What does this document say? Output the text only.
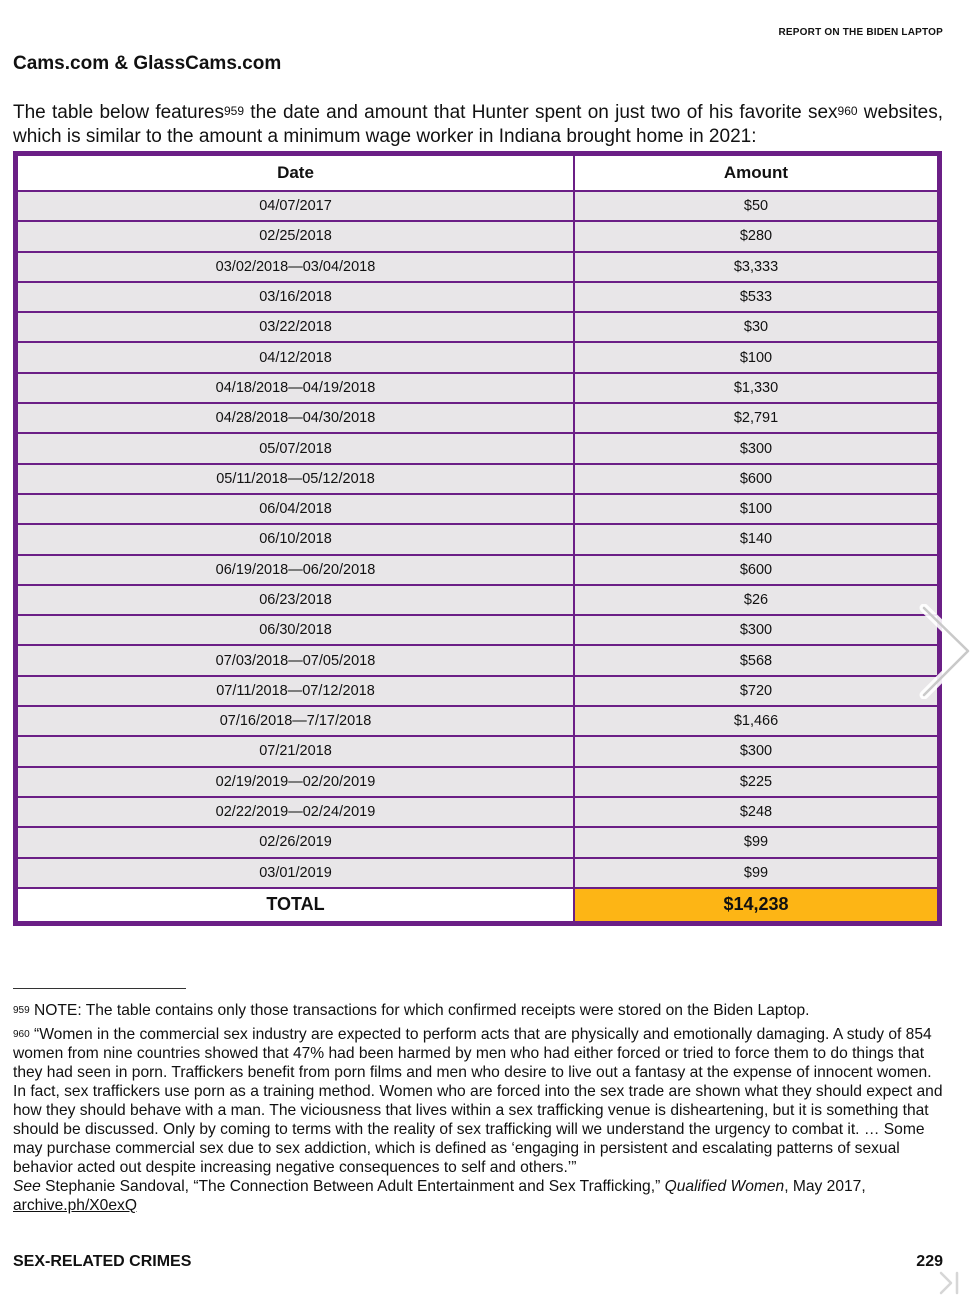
REPORT ON THE BIDEN LAPTOP
Cams.com & GlassCams.com
The table below features$^{959}$ the date and amount that Hunter spent on just two of his favorite sex$^{960}$ websites, which is similar to the amount a minimum wage worker in Indiana brought home in 2021:
Date	Amount
04/07/2017	$50
02/25/2018	$280
03/02/2018—03/04/2018	$3,333
03/16/2018	$533
03/22/2018	$30
04/12/2018	$100
04/18/2018—04/19/2018	$1,330
04/28/2018—04/30/2018	$2,791
05/07/2018	$300
05/11/2018—05/12/2018	$600
06/04/2018	$100
06/10/2018	$140
06/19/2018—06/20/2018	$600
06/23/2018	$26
06/30/2018	$300
07/03/2018—07/05/2018	$568
07/11/2018—07/12/2018	$720
07/16/2018—7/17/2018	$1,466
07/21/2018	$300
02/19/2019—02/20/2019	$225
02/22/2019—02/24/2019	$248
02/26/2019	$99
03/01/2019	$99
TOTAL	$14,238

$^{959}$ NOTE: The table contains only those transactions for which confirmed receipts were stored on the Biden Laptop.

$^{960}$ “Women in the commercial sex industry are expected to perform acts that are physically and emotionally damaging. A study of 854 women from nine countries showed that 47% had been harmed by men who had either forced or tried to force them to do things that they had seen in porn. Traffickers benefit from porn films and men who desire to live out a fantasy at the expense of innocent women. In fact, sex traffickers use porn as a training method. Women who are forced into the sex trade are shown what they should expect and how they should behave with a man. The viciousness that lives within a sex trafficking venue is disheartening, but it is something that should be discussed. Only by coming to terms with the reality of sex trafficking will we understand the urgency to combat it. … Some may purchase commercial sex due to sex addiction, which is defined as ‘engaging in persistent and escalating patterns of sexual behavior acted out despite increasing negative consequences to self and others.’”
See Stephanie Sandoval, “The Connection Between Adult Entertainment and Sex Trafficking,” Qualified Women, May 2017, archive.ph/X0exQ

SEX-RELATED CRIMES	229
